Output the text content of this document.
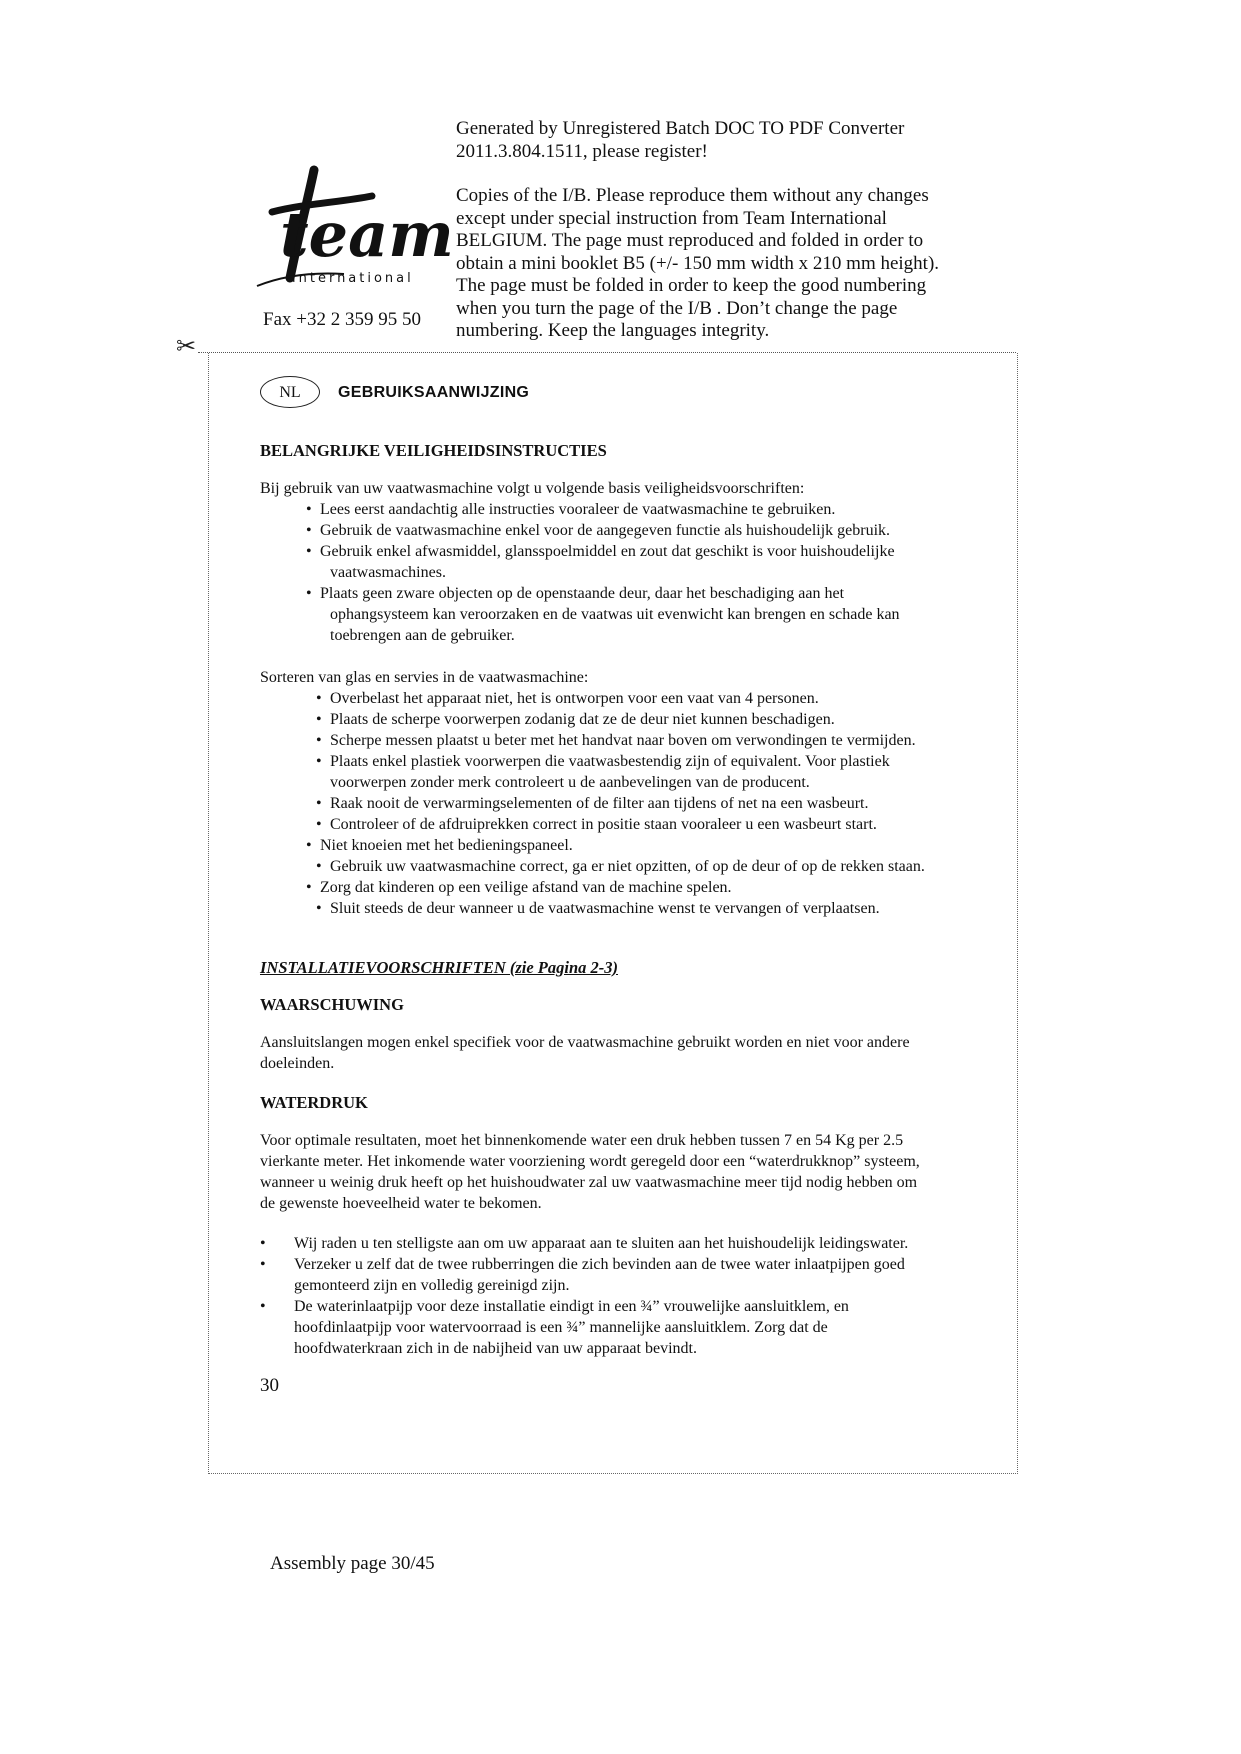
Generated by Unregistered Batch DOC TO PDF Converter

2011.3.804.1511, please register!

Copies of the I/B. Please reproduce them without any changes
except under special instruction from Team International
BELGIUM. The page must reproduced and folded in order to
obtain a mini booklet B5 (+/- 150 mm width x 210 mm height).
The page must be folded in order to keep the good numbering
when you turn the page of the I/B . Don’t change the page
numbering. Keep the languages integrity.
team
international
Fax +32 2 359 95 50
✂
NL	GEBRUIKSAANWIJZING
BELANGRIJKE VEILIGHEIDSINSTRUCTIES

Bij gebruik van uw vaatwasmachine volgt u volgende basis veiligheidsvoorschriften:

• Lees eerst aandachtig alle instructies vooraleer de vaatwasmachine te gebruiken.
• Gebruik de vaatwasmachine enkel voor de aangegeven functie als huishoudelijk gebruik.
• Gebruik enkel afwasmiddel, glansspoelmiddel en zout dat geschikt is voor huishoudelijke
vaatwasmachines.
• Plaats geen zware objecten op de openstaande deur, daar het beschadiging aan het
ophangsysteem kan veroorzaken en de vaatwas uit evenwicht kan brengen en schade kan
toebrengen aan de gebruiker.

Sorteren van glas en servies in de vaatwasmachine:

• Overbelast het apparaat niet, het is ontworpen voor een vaat van 4 personen.
• Plaats de scherpe voorwerpen zodanig dat ze de deur niet kunnen beschadigen.
• Scherpe messen plaatst u beter met het handvat naar boven om verwondingen te vermijden.
• Plaats enkel plastiek voorwerpen die vaatwasbestendig zijn of equivalent. Voor plastiek
voorwerpen zonder merk controleert u de aanbevelingen van de producent.
• Raak nooit de verwarmingselementen of de filter aan tijdens of net na een wasbeurt.
• Controleer of de afdruiprekken correct in positie staan vooraleer u een wasbeurt start.
• Niet knoeien met het bedieningspaneel.
• Gebruik uw vaatwasmachine correct, ga er niet opzitten, of op de deur of op de rekken staan.
• Zorg dat kinderen op een veilige afstand van de machine spelen.
• Sluit steeds de deur wanneer u de vaatwasmachine wenst te vervangen of verplaatsen.

INSTALLATIEVOORSCHRIFTEN (zie Pagina 2-3)

WAARSCHUWING
Aansluitslangen mogen enkel specifiek voor de vaatwasmachine gebruikt worden en niet voor andere
doeleinden.
WATERDRUK
Voor optimale resultaten, moet het binnenkomende water een druk hebben tussen 7 en 54 Kg per 2.5
vierkante meter. Het inkomende water voorziening wordt geregeld door een “waterdrukknop” systeem,
wanneer u weinig druk heeft op het huishoudwater zal uw vaatwasmachine meer tijd nodig hebben om
de gewenste hoeveelheid water te bekomen.
• Wij raden u ten stelligste aan om uw apparaat aan te sluiten aan het huishoudelijk leidingswater.
• Verzeker u zelf dat de twee rubberringen die zich bevinden aan de twee water inlaatpijpen goed
gemonteerd zijn en volledig gereinigd zijn.
• De waterinlaatpijp voor deze installatie eindigt in een ¾” vrouwelijke aansluitklem, en
hoofdinlaatpijp voor watervoorraad is een ¾” mannelijke aansluitklem. Zorg dat de
hoofdwaterkraan zich in de nabijheid van uw apparaat bevindt.
30
Assembly page 30/45
